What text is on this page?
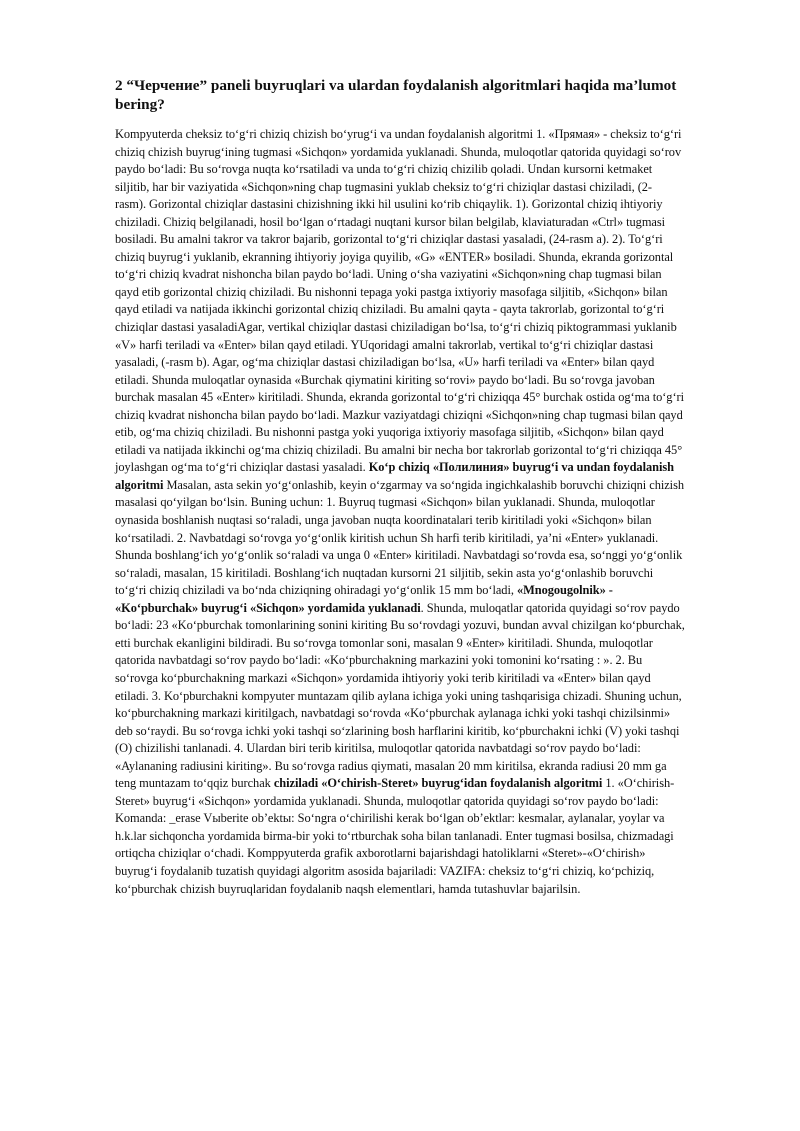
2 “Черчение” paneli buyruqlari va ulardan foydalanish algoritmlari haqida ma’lumot bering?

Kompyuterda cheksiz toʻgʻri chiziq chizish boʻyrugʻi va undan foydalanish algoritmi 1. «Прямая» - cheksiz toʻgʻri chiziq chizish buyrugʻining tugmasi «Sichqon» yordamida yuklanadi. Shunda, muloqotlar qatorida quyidagi soʻrov paydo boʻladi: Bu soʻrovga nuqta koʻrsatiladi va unda toʻgʻri chiziq chizilib qoladi. Undan kursorni ketmaket siljitib, har bir vaziyatida «Sichqon»ning chap tugmasini yuklab cheksiz toʻgʻri chiziqlar dastasi chiziladi, (2- rasm). Gorizontal chiziqlar dastasini chizishning ikki hil usulini koʻrib chiqaylik. 1). Gorizontal chiziq ihtiyoriy chiziladi. Chiziq belgilanadi, hosil boʻlgan oʻrtadagi nuqtani kursor bilan belgilab, klaviaturadan «Ctrl» tugmasi bosiladi. Bu amalni takror va takror bajarib, gorizontal toʻgʻri chiziqlar dastasi yasaladi, (24-rasm a). 2). Toʻgʻri chiziq buyrugʻi yuklanib, ekranning ihtiyoriy joyiga quyilib, «G» «ENTER» bosiladi. Shunda, ekranda gorizontal toʻgʻri chiziq kvadrat nishoncha bilan paydo boʻladi. Uning oʻsha vaziyatini «Sichqon»ning chap tugmasi bilan qayd etib gorizontal chiziq chiziladi. Bu nishonni tepaga yoki pastga ixtiyoriy masofaga siljitib, «Sichqon» bilan qayd etiladi va natijada ikkinchi gorizontal chiziq chiziladi. Bu amalni qayta - qayta takrorlab, gorizontal toʻgʻri chiziqlar dastasi yasaladiAgar, vertikal chiziqlar dastasi chiziladigan boʻlsa, toʻgʻri chiziq piktogrammasi yuklanib «V» harfi teriladi va «Enter» bilan qayd etiladi. YUqoridagi amalni takrorlab, vertikal toʻgʻri chiziqlar dastasi yasaladi, (-rasm b). Agar, ogʻma chiziqlar dastasi chiziladigan boʻlsa, «U» harfi teriladi va «Enter» bilan qayd etiladi. Shunda muloqatlar oynasida «Burchak qiymatini kiriting soʻrovi» paydo boʻladi. Bu soʻrovga javoban burchak masalan 45 «Enter» kiritiladi. Shunda, ekranda gorizontal toʻgʻri chiziqqa 45° burchak ostida ogʻma toʻgʻri chiziq kvadrat nishoncha bilan paydo boʻladi. Mazkur vaziyatdagi chiziqni «Sichqon»ning chap tugmasi bilan qayd etib, ogʻma chiziq chiziladi. Bu nishonni pastga yoki yuqoriga ixtiyoriy masofaga siljitib, «Sichqon» bilan qayd etiladi va natijada ikkinchi ogʻma chiziq chiziladi. Bu amalni bir necha bor takrorlab gorizontal toʻgʻri chiziqqa 45° joylashgan ogʻma toʻgʻri chiziqlar dastasi yasaladi. Koʻp chiziq «Полилиния» buyrugʻi va undan foydalanish algoritmi Masalan, asta sekin yoʻgʻonlashib, keyin oʻzgarmay va soʻngida ingichkalashib boruvchi chiziqni chizish masalasi qoʻyilgan boʻlsin. Buning uchun: 1. Buyruq tugmasi «Sichqon» bilan yuklanadi. Shunda, muloqotlar oynasida boshlanish nuqtasi soʻraladi, unga javoban nuqta koordinatalari terib kiritiladi yoki «Sichqon» bilan koʻrsatiladi. 2. Navbatdagi soʻrovga yoʻgʻonlik kiritish uchun Sh harfi terib kiritiladi, yaʼni «Enter» yuklanadi. Shunda boshlangʻich yoʻgʻonlik soʻraladi va unga 0 «Enter» kiritiladi. Navbatdagi soʻrovda esa, soʻnggi yoʻgʻonlik soʻraladi, masalan, 15 kiritiladi. Boshlangʻich nuqtadan kursorni 21 siljitib, sekin asta yoʻgʻonlashib boruvchi toʻgʻri chiziq chiziladi va boʻnda chiziqning ohiradagi yoʻgʻonlik 15 mm boʻladi, «Mnogougolnik» - «Koʻpburchak» buyrugʻi «Sichqon» yordamida yuklanadi. Shunda, muloqatlar qatorida quyidagi soʻrov paydo boʻladi: 23 «Koʻpburchak tomonlarining sonini kiriting Bu soʻrovdagi yozuvi, bundan avval chizilgan koʻpburchak, etti burchak ekanligini bildiradi. Bu soʻrovga tomonlar soni, masalan 9 «Enter» kiritiladi. Shunda, muloqotlar qatorida navbatdagi soʻrov paydo boʻladi: «Koʻpburchakning markazini yoki tomonini koʻrsating : ». 2. Bu soʻrovga koʻpburchakning markazi «Sichqon» yordamida ihtiyoriy yoki terib kiritiladi va «Enter» bilan qayd etiladi. 3. Koʻpburchakni kompyuter muntazam qilib aylana ichiga yoki uning tashqarisiga chizadi. Shuning uchun, koʻpburchakning markazi kiritilgach, navbatdagi soʻrovda «Koʻpburchak aylanaga ichki yoki tashqi chizilsinmi» deb soʻraydi. Bu soʻrovga ichki yoki tashqi soʻzlarining bosh harflarini kiritib, koʻpburchakni ichki (V) yoki tashqi (O) chizilishi tanlanadi. 4. Ulardan biri terib kiritilsa, muloqotlar qatorida navbatdagi soʻrov paydo boʻladi: «Aylananing radiusini kiriting». Bu soʻrovga radius qiymati, masalan 20 mm kiritilsa, ekranda radiusi 20 mm ga teng muntazam toʻqqiz burchak chiziladi «Oʻchirish-Steret» buyrugʻidan foydalanish algoritmi 1. «Oʻchirish-Steret» buyrugʻi «Sichqon» yordamida yuklanadi. Shunda, muloqotlar qatorida quyidagi soʻrov paydo boʻladi: Komanda: _erase Vыberite obʼektы: Soʻngra oʻchirilishi kerak boʻlgan obʼektlar: kesmalar, aylanalar, yoylar va h.k.lar sichqoncha yordamida birma-bir yoki toʻrtburchak soha bilan tanlanadi. Enter tugmasi bosilsa, chizmadagi ortiqcha chiziqlar oʻchadi. Komppyuterda grafik axborotlarni bajarishdagi hatoliklarni «Steret»-«Oʻchirish» buyrugʻi foydalanib tuzatish quyidagi algoritm asosida bajariladi: VAZIFA: cheksiz toʻgʻri chiziq, koʻpchiziq, koʻpburchak chizish buyruqlaridan foydalanib naqsh elementlari, hamda tutashuvlar bajarilsin.
